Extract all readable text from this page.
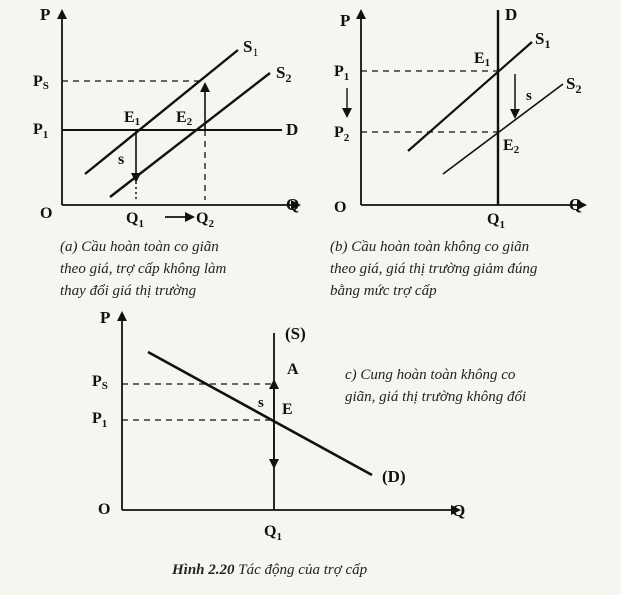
P
Q
O
$S_1$
$S_2$
PS
$P_1$	D
E1 E2
s
$Q_1$	$Q_2$
P
Q
O
D
$S_1$
$S_2$
$P_1$
$P_2$
E1
E2
s
$Q_1$
P
Q
O
(S)
(D)
A
E
s
PS
$P_1$
$Q_1$
(a) Cầu hoàn toàn co giãn
theo giá, trợ cấp không làm
thay đổi giá thị trường
(b) Cầu hoàn toàn không co giãn
theo giá, giá thị trường giảm đúng
bằng mức trợ cấp
c) Cung hoàn toàn không co
giãn, giá thị trường không đổi
Hình 2.20 Tác động của trợ cấp
